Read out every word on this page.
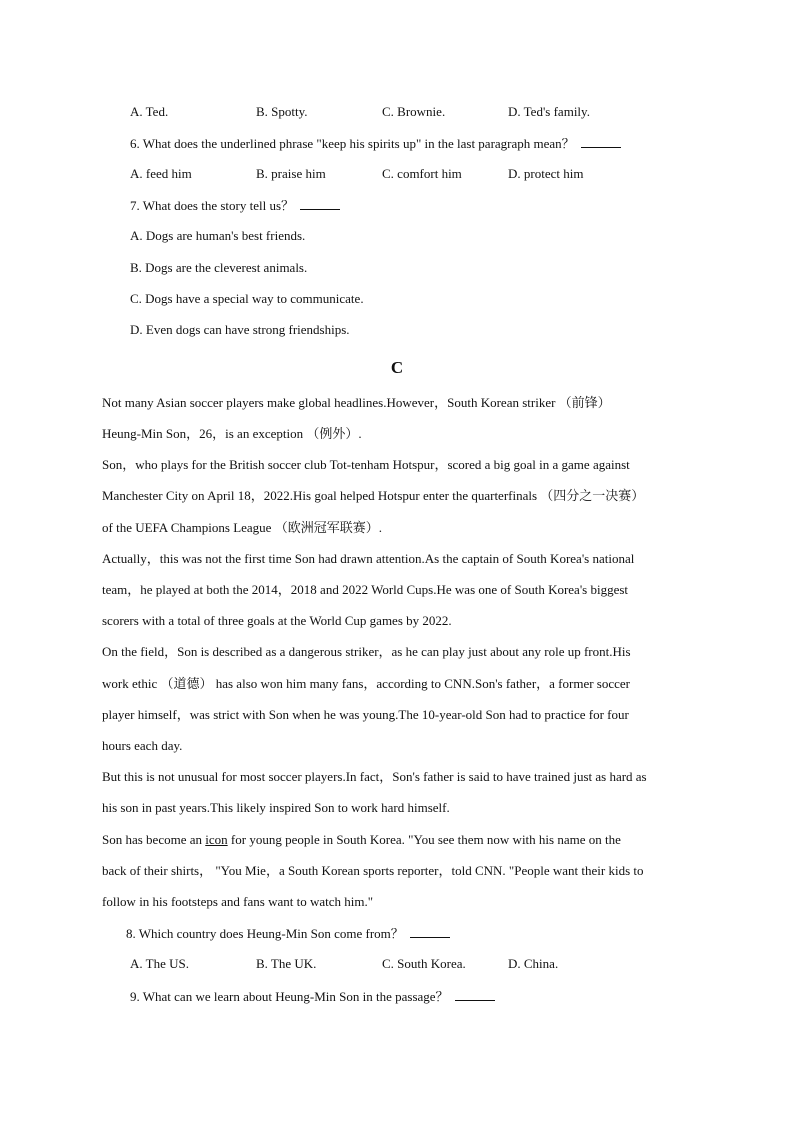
A. Ted.	B. Spotty.	C. Brownie.	D. Ted's family.
6. What does the underlined phrase "keep his spirits up" in the last paragraph mean？
A. feed him	B. praise him	C. comfort him	D. protect him
7. What does the story tell us？
A. Dogs are human's best friends.
B. Dogs are the cleverest animals.
C. Dogs have a special way to communicate.
D. Even dogs can have strong friendships.
C
Not many Asian soccer players make global headlines.However，South Korean striker （前锋）
Heung-Min Son，26，is an exception （例外）.
Son，who plays for the British soccer club Tot-tenham Hotspur，scored a big goal in a game against
Manchester City on April 18，2022.His goal helped Hotspur enter the quarterfinals （四分之一决赛）
of the UEFA Champions League （欧洲冠军联赛）.
Actually，this was not the first time Son had drawn attention.As the captain of South Korea's national
team，he played at both the 2014，2018 and 2022 World Cups.He was one of South Korea's biggest
scorers with a total of three goals at the World Cup games by 2022.
On the field，Son is described as a dangerous striker，as he can play just about any role up front.His
work ethic （道德） has also won him many fans，according to CNN.Son's father，a former soccer
player himself，was strict with Son when he was young.The 10-year-old Son had to practice for four
hours each day.
But this is not unusual for most soccer players.In fact，Son's father is said to have trained just as hard as
his son in past years.This likely inspired Son to work hard himself.
Son has become an icon for young people in South Korea. "You see them now with his name on the
back of their shirts， "You Mie，a South Korean sports reporter，told CNN. "People want their kids to
follow in his footsteps and fans want to watch him."
8. Which country does Heung-Min Son come from？
A. The US.	B. The UK.	C. South Korea.	D. China.
9. What can we learn about Heung-Min Son in the passage？
